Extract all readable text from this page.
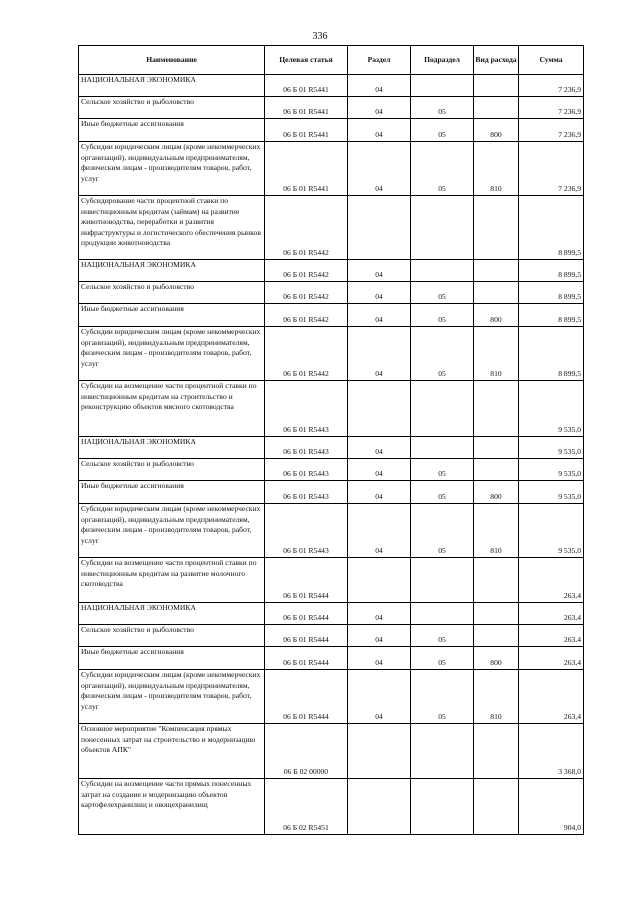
336
Наименование	Целевая статья	Раздел	Подраздел	Вид расхода	Сумма
НАЦИОНАЛЬНАЯ ЭКОНОМИКА	06 Б 01 R5441	04			7 236,9
Сельское хозяйство и рыболовство	06 Б 01 R5441	04	05		7 236,9
Иные бюджетные ассигнования	06 Б 01 R5441	04	05	800	7 236,9
Субсидии юридическим лицам (кроме некоммерческих организаций), индивидуальным предпринимателям, физическим лицам - производителям товаров, работ, услуг	06 Б 01 R5441	04	05	810	7 236,9
Субсидирование части процентной ставки по инвестиционным кредитам (займам) на развитие животноводства, переработки и развития инфраструктуры и логистического обеспечения рынков продукции животноводства	06 Б 01 R5442				8 899,5
НАЦИОНАЛЬНАЯ ЭКОНОМИКА	06 Б 01 R5442	04			8 899,5
Сельское хозяйство и рыболовство	06 Б 01 R5442	04	05		8 899,5
Иные бюджетные ассигнования	06 Б 01 R5442	04	05	800	8 899,5
Субсидии юридическим лицам (кроме некоммерческих организаций), индивидуальным предпринимателям, физическим лицам - производителям товаров, работ, услуг	06 Б 01 R5442	04	05	810	8 899,5
Субсидии на возмещение части процентной ставки по инвестиционным кредитам на строительство и реконструкцию объектов мясного скотоводства	06 Б 01 R5443				9 535,0
НАЦИОНАЛЬНАЯ ЭКОНОМИКА	06 Б 01 R5443	04			9 535,0
Сельское хозяйство и рыболовство	06 Б 01 R5443	04	05		9 535,0
Иные бюджетные ассигнования	06 Б 01 R5443	04	05	800	9 535,0
Субсидии юридическим лицам (кроме некоммерческих организаций), индивидуальным предпринимателям, физическим лицам - производителям товаров, работ, услуг	06 Б 01 R5443	04	05	810	9 535,0
Субсидии на возмещение части процентной ставки по инвестиционным кредитам на развитие молочного скотоводства	06 Б 01 R5444				263,4
НАЦИОНАЛЬНАЯ ЭКОНОМИКА	06 Б 01 R5444	04			263,4
Сельское хозяйство и рыболовство	06 Б 01 R5444	04	05		263,4
Иные бюджетные ассигнования	06 Б 01 R5444	04	05	800	263,4
Субсидии юридическим лицам (кроме некоммерческих организаций), индивидуальным предпринимателям, физическим лицам - производителям товаров, работ, услуг	06 Б 01 R5444	04	05	810	263,4
Основное мероприятие "Компенсация прямых понесенных затрат на строительство и модернизацию объектов АПК"	06 Б 02 00000				3 368,0
Субсидии на возмещение части прямых понесенных затрат на создание и модернизацию объектов картофелехранилищ и овощехранилищ	06 Б 02 R5451				904,0
